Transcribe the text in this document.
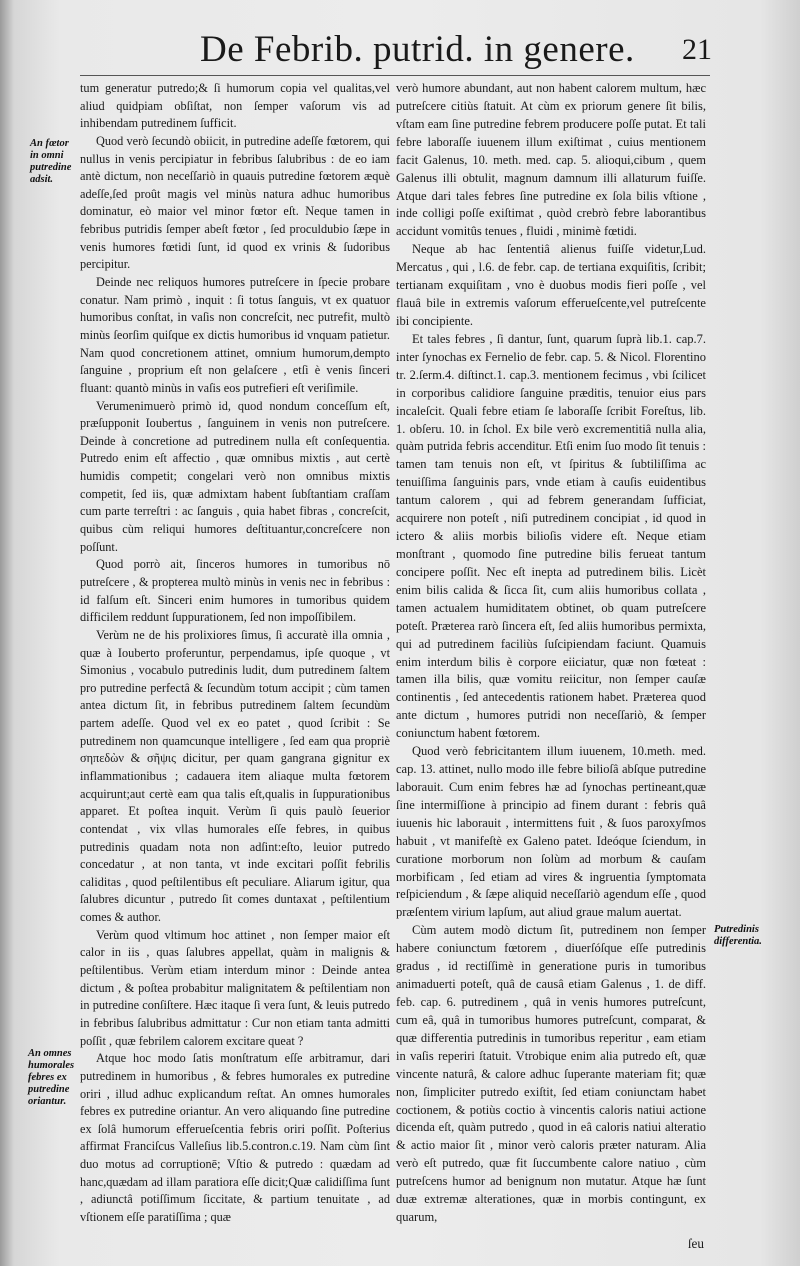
De Febrib. putrid. in genere. 21
An fœtor in omni putredine adsit.
An omnes humorales febres ex putredine oriantur.
Putredinis differentia.

tum generatur putredo;& ſi humorum copia vel qualitas,vel aliud quidpiam obſiſtat, non ſemper vaſorum vis ad inhibendam putredinem ſufficit.

Quod verò ſecundò obiicit, in putredine adeſſe fœtorem, qui nullus in venis percipiatur in febribus ſalubribus : de eo iam antè dictum, non neceſſariò in quauis putredine fœtorem æquè adeſſe,ſed proût magis vel minùs natura adhuc humoribus dominatur, eò maior vel minor fœtor eſt. Neque tamen in febribus putridis ſemper abeſt fœtor , ſed proculdubio ſæpe in venis humores fœtidi ſunt, id quod ex vrinis & ſudoribus percipitur.

Deinde nec reliquos humores putreſcere in ſpecie probare conatur. Nam primò , inquit : ſi totus ſanguis, vt ex quatuor humoribus conſtat, in vaſis non concreſcit, nec putrefit, multò minùs ſeorſim quiſque ex dictis humoribus id vnquam patietur. Nam quod concretionem attinet, omnium humorum,dempto ſanguine , proprium eſt non gelaſcere , etſi è venis ſinceri fluant: quantò minùs in vaſis eos putrefieri eſt veriſimile.

Verumenimuerò primò id, quod nondum conceſſum eſt, præſupponit Ioubertus , ſanguinem in venis non putreſcere. Deinde à concretione ad putredinem nulla eſt conſequentia. Putredo enim eſt affectio , quæ omnibus mixtis , aut certè humidis competit; congelari verò non omnibus mixtis competit, ſed iis, quæ admixtam habent ſubſtantiam craſſam cum parte terreſtri : ac ſanguis , quia habet fibras , concreſcit, quibus cùm reliqui humores deſtituantur,concreſcere non poſſunt.

Quod porrò ait, ſinceros humores in tumoribus nō putreſcere , & propterea multò minùs in venis nec in febribus : id falſum eſt. Sinceri enim humores in tumoribus quidem difficilem reddunt ſuppurationem, ſed non impoſſibilem.

Verùm ne de his prolixiores ſimus, ſi accuratè illa omnia , quæ à Iouberto proferuntur, perpendamus, ipſe quoque , vt Simonius , vocabulo putredinis ludit, dum putredinem ſaltem pro putredine perfectâ & ſecundùm totum accipit ; cùm tamen antea dictum ſit, in febribus putredinem ſaltem ſecundùm partem adeſſe. Quod vel ex eo patet , quod ſcribit : Se putredinem non quamcunque intelligere , ſed eam qua propriè σηπεδὼν & σῆψις dicitur, per quam gangrana gignitur ex inflammationibus ; cadauera item aliaque multa fœtorem acquirunt;aut certè eam qua talis eſt,qualis in ſuppurationibus apparet. Et poſtea inquit. Verùm ſi quis paulò ſeuerior contendat , vix vllas humorales eſſe febres, in quibus putredinis quadam nota non adſint:eſto, leuior putredo concedatur , at non tanta, vt inde excitari poſſit febrilis caliditas , quod peſtilentibus eſt peculiare. Aliarum igitur, qua ſalubres dicuntur , putredo ſit comes duntaxat , peſtilentium comes & author.

Verùm quod vltimum hoc attinet , non ſemper maior eſt calor in iis , quas ſalubres appellat, quàm in malignis & peſtilentibus. Verùm etiam interdum minor : Deinde antea dictum , & poſtea probabitur malignitatem & peſtilentiam non in putredine conſiſtere. Hæc itaque ſi vera ſunt, & leuis putredo in febribus ſalubribus admittatur : Cur non etiam tanta admitti poſſit , quæ febrilem calorem excitare queat ?

Atque hoc modo ſatis monſtratum eſſe arbitramur, dari putredinem in humoribus , & febres humorales ex putredine oriri , illud adhuc explicandum reſtat. An omnes humorales febres ex putredine oriantur. An vero aliquando ſine putredine ex ſolâ humorum efferueſcentia febris oriri poſſit. Poſterius affirmat Franciſcus Valleſius lib.5.contron.c.19. Nam cùm ſint duo motus ad corruptionē; Vſtio & putredo : quædam ad hanc,quædam ad illam paratiora eſſe dicit;Quæ calidiſſima ſunt , adiunctâ potiſſimum ſiccitate, & partium tenuitate , ad vſtionem eſſe paratiſſima ; quæ

verò humore abundant, aut non habent calorem multum, hæc putreſcere citiùs ſtatuit. At cùm ex priorum genere ſit bilis, vſtam eam ſine putredine febrem producere poſſe putat. Et tali febre laboraſſe iuuenem illum exiſtimat , cuius mentionem facit Galenus, 10. meth. med. cap. 5. alioqui,cibum , quem Galenus illi obtulit, magnum damnum illi allaturum fuiſſe. Atque dari tales febres ſine putredine ex ſola bilis vſtione , inde colligi poſſe exiſtimat , quòd crebrò febre laborantibus accidunt vomitûs tenues , fluidi , minimè fœtidi.

Neque ab hac ſententiâ alienus fuiſſe videtur,Lud. Mercatus , qui , l.6. de febr. cap. de tertiana exquiſitis, ſcribit; tertianam exquiſitam , vno è duobus modis fieri poſſe , vel flauâ bile in extremis vaſorum efferueſcente,vel putreſcente ibi concipiente.

Et tales febres , ſi dantur, ſunt, quarum ſuprà lib.1. cap.7. inter ſynochas ex Fernelio de febr. cap. 5. & Nicol. Florentino tr. 2.ſerm.4. diſtinct.1. cap.3. mentionem fecimus , vbi ſcilicet in corporibus calidiore ſanguine præditis, tenuior eius pars incaleſcit. Quali febre etiam ſe laboraſſe ſcribit Foreſtus, lib. 1. obſeru. 10. in ſchol. Ex bile verò excrementitiâ nulla alia, quàm putrida febris accenditur. Etſi enim ſuo modo ſit tenuis : tamen tam tenuis non eſt, vt ſpiritus & ſubtiliſſima ac tenuiſſima ſanguinis pars, vnde etiam à cauſis euidentibus tantum calorem , qui ad febrem generandam ſufficiat, acquirere non poteſt , niſi putredinem concipiat , id quod in ictero & aliis morbis bilioſis videre eſt. Neque etiam monſtrant , quomodo ſine putredine bilis ferueat tantum concipere poſſit. Nec eſt inepta ad putredinem bilis. Licèt enim bilis calida & ſicca ſit, cum aliis humoribus collata , tamen actualem humiditatem obtinet, ob quam putreſcere poteſt. Præterea rarò ſincera eſt, ſed aliis humoribus permixta, qui ad putredinem faciliùs ſuſcipiendam faciunt. Quamuis enim interdum bilis è corpore eiiciatur, quæ non fœteat : tamen illa bilis, quæ vomitu reiicitur, non ſemper cauſæ continentis , ſed antecedentis rationem habet. Præterea quod ante dictum , humores putridi non neceſſariò, & ſemper coniunctum habent fœtorem.

Quod verò febricitantem illum iuuenem, 10.meth. med. cap. 13. attinet, nullo modo ille febre bilioſâ abſque putredine laborauit. Cum enim febres hæ ad ſynochas pertineant,quæ ſine intermiſſione à principio ad finem durant : febris quâ iuuenis hic laborauit , intermittens fuit , & ſuos paroxyſmos habuit , vt manifeſtè ex Galeno patet. Ideóque ſciendum, in curatione morborum non ſolùm ad morbum & cauſam morbificam , ſed etiam ad vires & ingruentia ſymptomata reſpiciendum , & ſæpe aliquid neceſſariò agendum eſſe , quod præſentem virium lapſum, aut aliud graue malum auertat.

Cùm autem modò dictum ſit, putredinem non ſemper habere coniunctum fœtorem , diuerſóſque eſſe putredinis gradus , id rectiſſimè in generatione puris in tumoribus animaduerti poteſt, quâ de causâ etiam Galenus , 1. de diff. feb. cap. 6. putredinem , quâ in venis humores putreſcunt, cum eâ, quâ in tumoribus humores putreſcunt, comparat, & quæ differentia putredinis in tumoribus reperitur , eam etiam in vaſis reperiri ſtatuit. Vtrobique enim alia putredo eſt, quæ vincente naturâ, & calore adhuc ſuperante materiam fit; quæ non, ſimpliciter putredo exiſtit, ſed etiam coniunctam habet coctionem, & potiùs coctio à vincentis caloris natiui actione dicenda eſt, quàm putredo , quod in eâ caloris natiui alteratio & actio maior ſit , minor verò caloris præter naturam. Alia verò eſt putredo, quæ fit ſuccumbente calore natiuo , cùm putreſcens humor ad benignum non mutatur. Atque hæ ſunt duæ extremæ alterationes, quæ in morbis contingunt, ex quarum,

ſeu
